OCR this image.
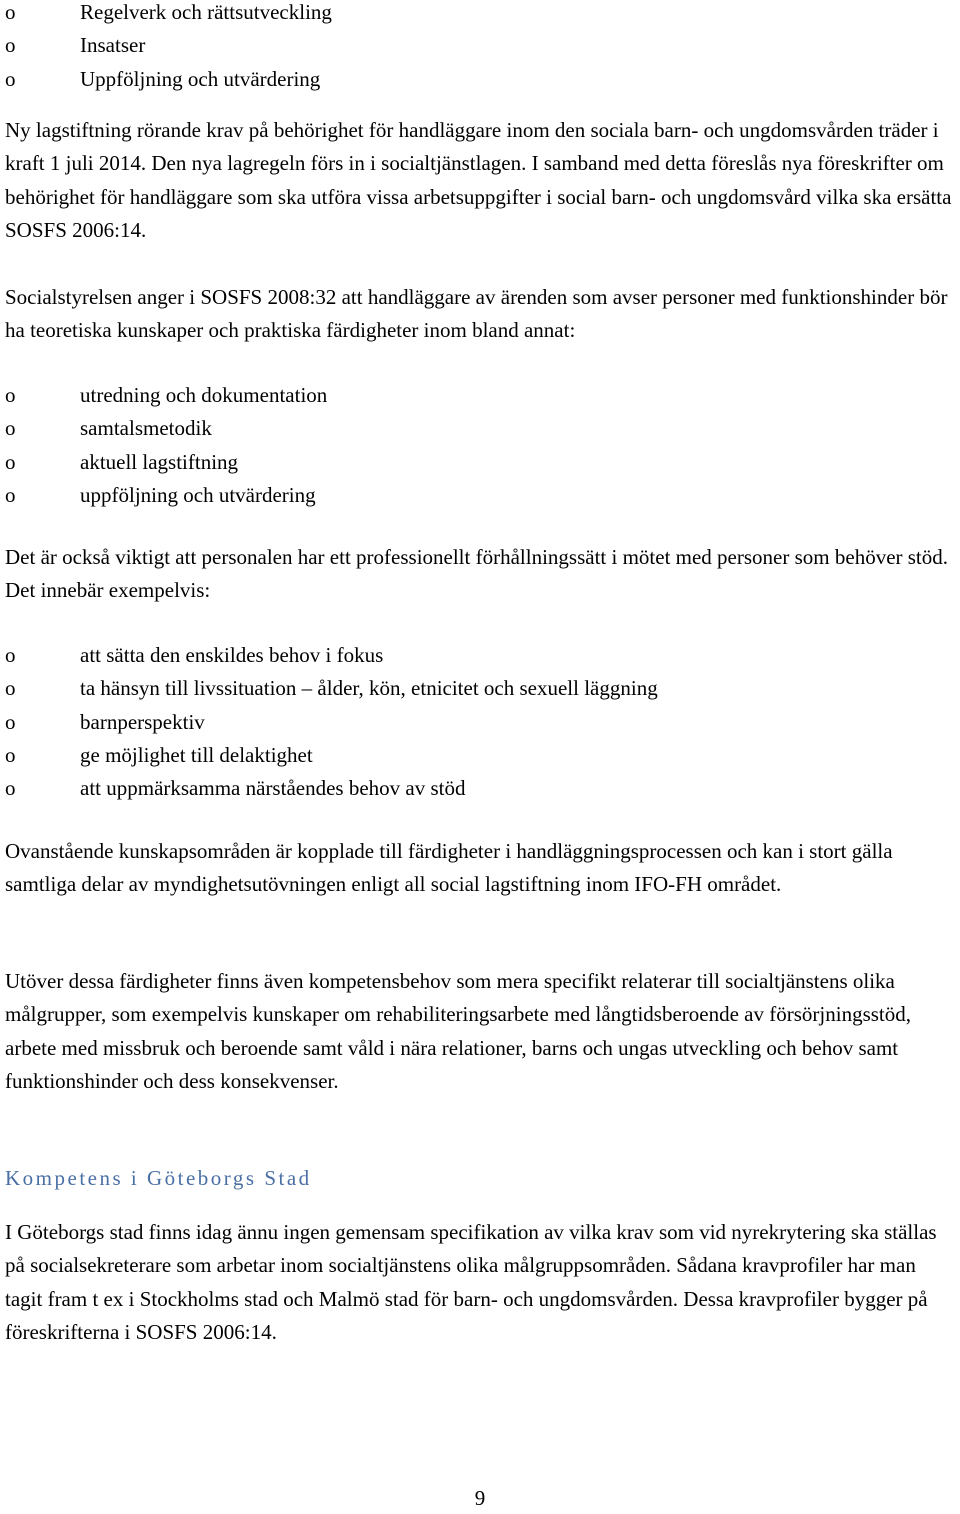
o	Regelverk och rättsutveckling
o	Insatser
o	Uppföljning och utvärdering

Ny lagstiftning rörande krav på behörighet för handläggare inom den sociala barn- och ungdomsvården träder i kraft 1 juli 2014. Den nya lagregeln förs in i socialtjänstlagen. I samband med detta föreslås nya föreskrifter om behörighet för handläggare som ska utföra vissa arbetsuppgifter i social barn- och ungdomsvård vilka ska ersätta SOSFS 2006:14.

Socialstyrelsen anger i SOSFS 2008:32 att handläggare av ärenden som avser personer med funktionshinder bör ha teoretiska kunskaper och praktiska färdigheter inom bland annat:

o	utredning och dokumentation
o	samtalsmetodik
o	aktuell lagstiftning
o	uppföljning och utvärdering

Det är också viktigt att personalen har ett professionellt förhållningssätt i mötet med personer som behöver stöd. Det innebär exempelvis:

o	att sätta den enskildes behov i fokus
o	ta hänsyn till livssituation – ålder, kön, etnicitet och sexuell läggning
o	barnperspektiv
o	ge möjlighet till delaktighet
o	att uppmärksamma närståendes behov av stöd

Ovanstående kunskapsområden är kopplade till färdigheter i handläggningsprocessen och kan i stort gälla samtliga delar av myndighetsutövningen enligt all social lagstiftning inom IFO-FH området.

Utöver dessa färdigheter finns även kompetensbehov som mera specifikt relaterar till socialtjänstens olika målgrupper, som exempelvis kunskaper om rehabiliteringsarbete med långtidsberoende av försörjningsstöd, arbete med missbruk och beroende samt våld i nära relationer, barns och ungas utveckling och behov samt funktionshinder och dess konsekvenser.

Kompetens i Göteborgs Stad

I Göteborgs stad finns idag ännu ingen gemensam specifikation av vilka krav som vid nyrekrytering ska ställas på socialsekreterare som arbetar inom socialtjänstens olika målgruppsområden. Sådana kravprofiler har man tagit fram t ex i Stockholms stad och Malmö stad för barn- och ungdomsvården. Dessa kravprofiler bygger på föreskrifterna i SOSFS 2006:14.

9
